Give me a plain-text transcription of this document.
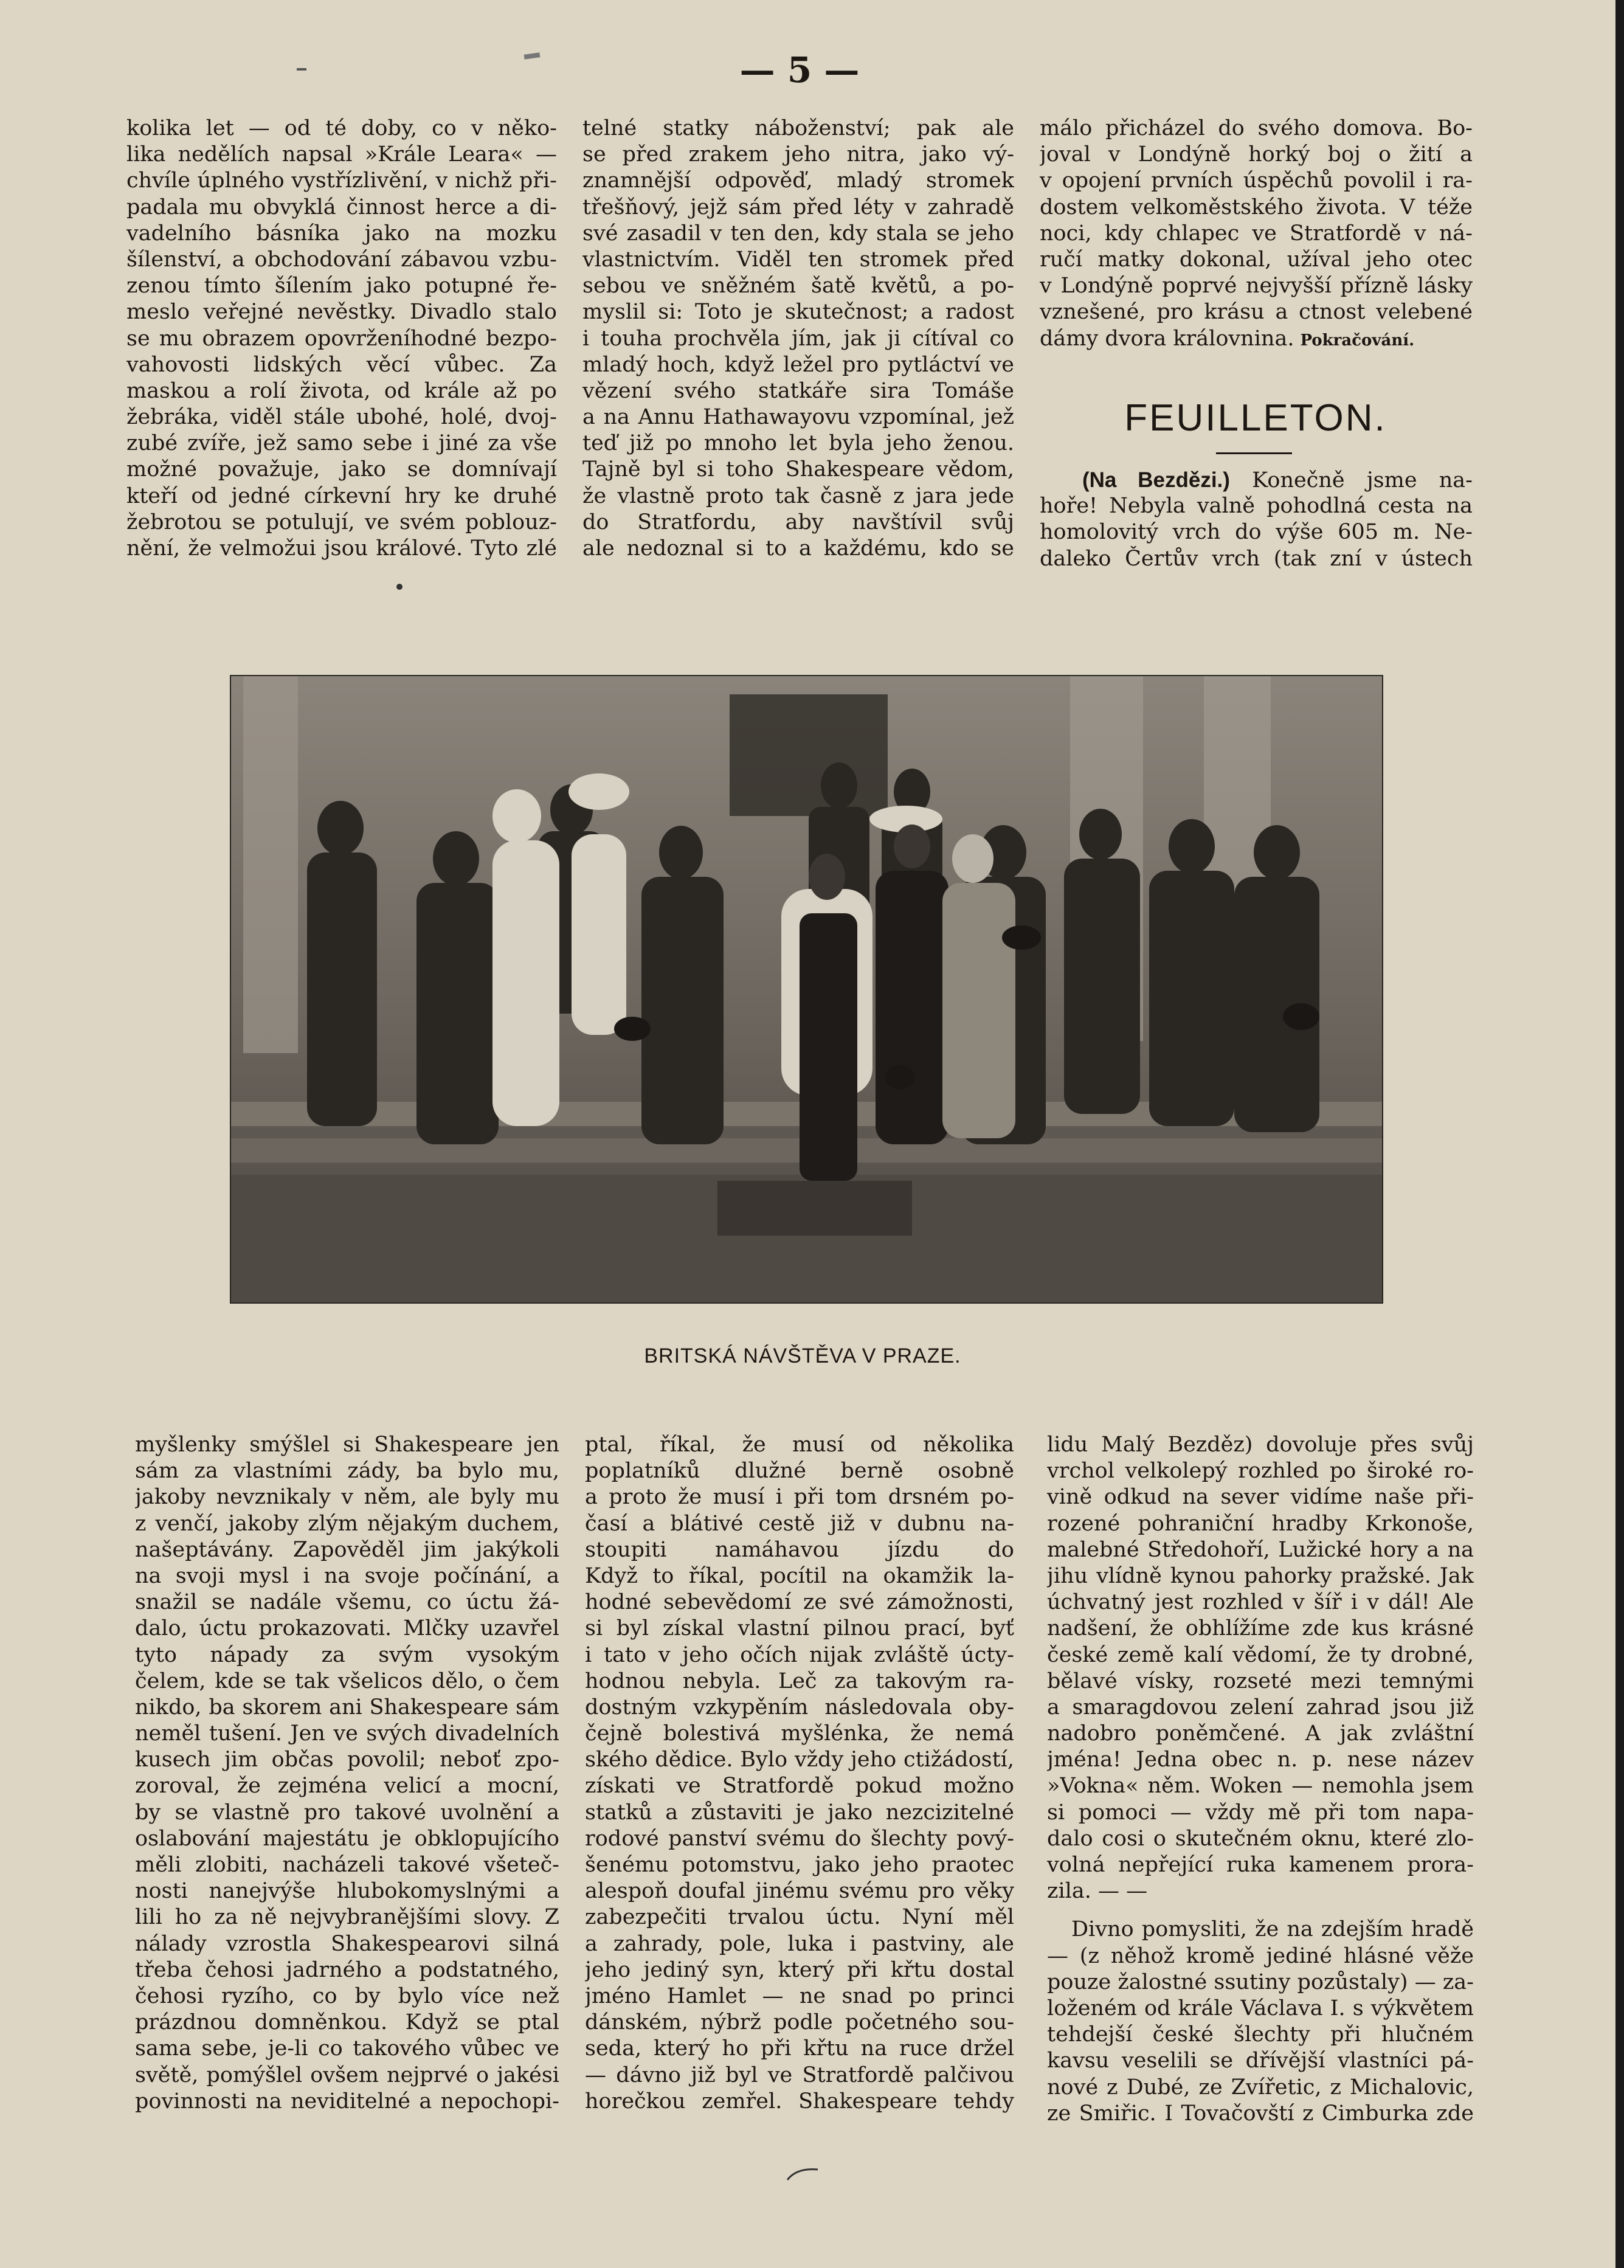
— 5 —
kolika let — od té doby, co v něko-
lika nedělích napsal »Krále Leara« —
chvíle úplného vystřízlivění, v nichž při-
padala mu obvyklá činnost herce a di-
vadelního básníka jako na mozku
šílenství, a obchodování zábavou vzbu-
zenou tímto šílením jako potupné ře-
meslo veřejné nevěstky. Divadlo stalo
se mu obrazem opovrženíhodné bezpo-
vahovosti lidských věcí vůbec. Za
maskou a rolí života, od krále až po
žebráka, viděl stále ubohé, holé, dvoj-
zubé zvíře, jež samo sebe i jiné za vše
možné považuje, jako se domnívají
kteří od jedné církevní hry ke druhé
žebrotou se potulují, ve svém poblouz-
nění, že velmožui jsou králové. Tyto zlé
telné statky náboženství; pak ale
se před zrakem jeho nitra, jako vý-
znamnější odpověď, mladý stromek
třešňový, jejž sám před léty v zahradě
své zasadil v ten den, kdy stala se jeho
vlastnictvím. Viděl ten stromek před
sebou ve sněžném šatě květů, a po-
myslil si: Toto je skutečnost; a radost
i touha prochvěla jím, jak ji cítíval co
mladý hoch, když ležel pro pytláctví ve
vězení svého statkáře sira Tomáše
a na Annu Hathawayovu vzpomínal, jež
teď již po mnoho let byla jeho ženou.
Tajně byl si toho Shakespeare vědom,
že vlastně proto tak časně z jara jede
do Stratfordu, aby navštívil svůj
ale nedoznal si to a každému, kdo se
málo přicházel do svého domova. Bo-
joval v Londýně horký boj o žití a
v opojení prvních úspěchů povolil i ra-
dostem velkoměstského života. V téže
noci, kdy chlapec ve Stratfordě v ná-
ručí matky dokonal, užíval jeho otec
v Londýně poprvé nejvyšší přízně lásky
vznešené, pro krásu a ctnost velebené
dámy dvora královnina. Pokračování.
FEUILLETON.
(Na Bezdězi.) Konečně jsme na-
hoře! Nebyla valně pohodlná cesta na
homolovitý vrch do výše 605 m. Ne-
daleko Čertův vrch (tak zní v ústech
BRITSKÁ NÁVŠTĚVA V PRAZE.
myšlenky smýšlel si Shakespeare jen
sám za vlastními zády, ba bylo mu,
jakoby nevznikaly v něm, ale byly mu
z venčí, jakoby zlým nějakým duchem,
našeptávány. Zapověděl jim jakýkoli
na svoji mysl i na svoje počínání, a
snažil se nadále všemu, co úctu žá-
dalo, úctu prokazovati. Mlčky uzavřel
tyto nápady za svým vysokým
čelem, kde se tak všelicos dělo, o čem
nikdo, ba skorem ani Shakespeare sám
neměl tušení. Jen ve svých divadelních
kusech jim občas povolil; neboť zpo-
zoroval, že zejména velicí a mocní,
by se vlastně pro takové uvolnění a
oslabování majestátu je obklopujícího
měli zlobiti, nacházeli takové všeteč-
nosti nanejvýše hlubokomyslnými a
lili ho za ně nejvybranějšími slovy. Z
nálady vzrostla Shakespearovi silná
třeba čehosi jadrného a podstatného,
čehosi ryzího, co by bylo více než
prázdnou domněnkou. Když se ptal
sama sebe, je-li co takového vůbec ve
světě, pomýšlel ovšem nejprvé o jakési
povinnosti na neviditelné a nepochopi-
ptal, říkal, že musí od několika
poplatníků dlužné berně osobně
a proto že musí i při tom drsném po-
časí a blátivé cestě již v dubnu na-
stoupiti namáhavou jízdu do
Když to říkal, pocítil na okamžik la-
hodné sebevědomí ze své zámožnosti,
si byl získal vlastní pilnou prací, byť
i tato v jeho očích nijak zvláště úcty-
hodnou nebyla. Leč za takovým ra-
dostným vzkypěním následovala oby-
čejně bolestivá myšlénka, že nemá
ského dědice. Bylo vždy jeho ctižádostí,
získati ve Stratfordě pokud možno
statků a zůstaviti je jako nezcizitelné
rodové panství svému do šlechty pový-
šenému potomstvu, jako jeho praotec
alespoň doufal jinému svému pro věky
zabezpečiti trvalou úctu. Nyní měl
a zahrady, pole, luka i pastviny, ale
jeho jediný syn, který při křtu dostal
jméno Hamlet — ne snad po princi
dánském, nýbrž podle početného sou-
seda, který ho při křtu na ruce držel
— dávno již byl ve Stratfordě palčivou
horečkou zemřel. Shakespeare tehdy
lidu Malý Bezděz) dovoluje přes svůj
vrchol velkolepý rozhled po široké ro-
vině odkud na sever vidíme naše při-
rozené pohraniční hradby Krkonoše,
malebné Středohoří, Lužické hory a na
jihu vlídně kynou pahorky pražské. Jak
úchvatný jest rozhled v šíř i v dál! Ale
nadšení, že obhlížíme zde kus krásné
české země kalí vědomí, že ty drobné,
bělavé vísky, rozseté mezi temnými
a smaragdovou zelení zahrad jsou již
nadobro poněmčené. A jak zvláštní
jména! Jedna obec n. p. nese název
»Vokna« něm. Woken — nemohla jsem
si pomoci — vždy mě při tom napa-
dalo cosi o skutečném oknu, které zlo-
volná nepřející ruka kamenem prora-
zila. — —
Divno pomysliti, že na zdejším hradě
— (z něhož kromě jediné hlásné věže
pouze žalostné ssutiny pozůstaly) — za-
loženém od krále Václava I. s výkvětem
tehdejší české šlechty při hlučném
kavsu veselili se dřívější vlastníci pá-
nové z Dubé, ze Zvířetic, z Michalovic,
ze Smiřic. I Tovačovští z Cimburka zde
